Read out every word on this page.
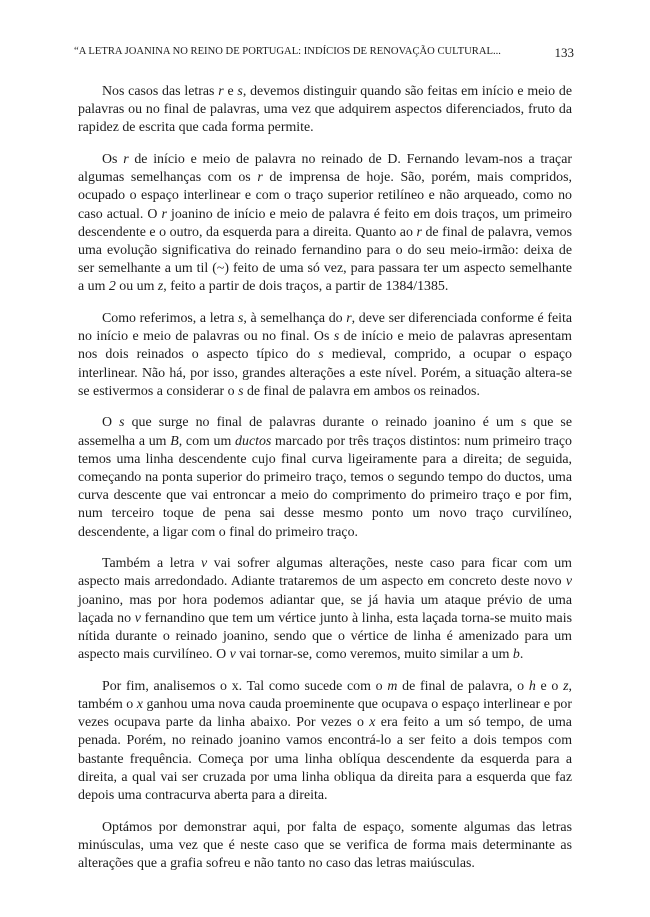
“A LETRA JOANINA NO REINO DE PORTUGAL: INDÍCIOS DE RENOVAÇÃO CULTURAL...	133

Nos casos das letras r e s, devemos distinguir quando são feitas em início e meio de palavras ou no final de palavras, uma vez que adquirem aspectos diferenciados, fruto da rapidez de escrita que cada forma permite.

Os r de início e meio de palavra no reinado de D. Fernando levam-nos a traçar algumas semelhanças com os r de imprensa de hoje. São, porém, mais compridos, ocupado o espaço interlinear e com o traço superior retilíneo e não arqueado, como no caso actual. O r joanino de início e meio de palavra é feito em dois traços, um primeiro descendente e o outro, da esquerda para a direita. Quanto ao r de final de palavra, vemos uma evolução significativa do reinado fernandino para o do seu meio-irmão: deixa de ser semelhante a um til (~) feito de uma só vez, para passara ter um aspecto semelhante a um 2 ou um z, feito a partir de dois traços, a partir de 1384/1385.

Como referimos, a letra s, à semelhança do r, deve ser diferenciada conforme é feita no início e meio de palavras ou no final. Os s de início e meio de palavras apresentam nos dois reinados o aspecto típico do s medieval, comprido, a ocupar o espaço interlinear. Não há, por isso, grandes alterações a este nível. Porém, a situação altera-se se estivermos a considerar o s de final de palavra em ambos os reinados.

O s que surge no final de palavras durante o reinado joanino é um s que se assemelha a um B, com um ductos marcado por três traços distintos: num primeiro traço temos uma linha descendente cujo final curva ligeiramente para a direita; de seguida, começando na ponta superior do primeiro traço, temos o segundo tempo do ductos, uma curva descente que vai entroncar a meio do comprimento do primeiro traço e por fim, num terceiro toque de pena sai desse mesmo ponto um novo traço curvilíneo, descendente, a ligar com o final do primeiro traço.

Também a letra v vai sofrer algumas alterações, neste caso para ficar com um aspecto mais arredondado. Adiante trataremos de um aspecto em concreto deste novo v joanino, mas por hora podemos adiantar que, se já havia um ataque prévio de uma laçada no v fernandino que tem um vértice junto à linha, esta laçada torna-se muito mais nítida durante o reinado joanino, sendo que o vértice de linha é amenizado para um aspecto mais curvilíneo. O v vai tornar-se, como veremos, muito similar a um b.

Por fim, analisemos o x. Tal como sucede com o m de final de palavra, o h e o z, também o x ganhou uma nova cauda proeminente que ocupava o espaço interlinear e por vezes ocupava parte da linha abaixo. Por vezes o x era feito a um só tempo, de uma penada. Porém, no reinado joanino vamos encontrá-lo a ser feito a dois tempos com bastante frequência. Começa por uma linha oblíqua descendente da esquerda para a direita, a qual vai ser cruzada por uma linha obliqua da direita para a esquerda que faz depois uma contracurva aberta para a direita.

Optámos por demonstrar aqui, por falta de espaço, somente algumas das letras minúsculas, uma vez que é neste caso que se verifica de forma mais determinante as alterações que a grafia sofreu e não tanto no caso das letras maiúsculas.
